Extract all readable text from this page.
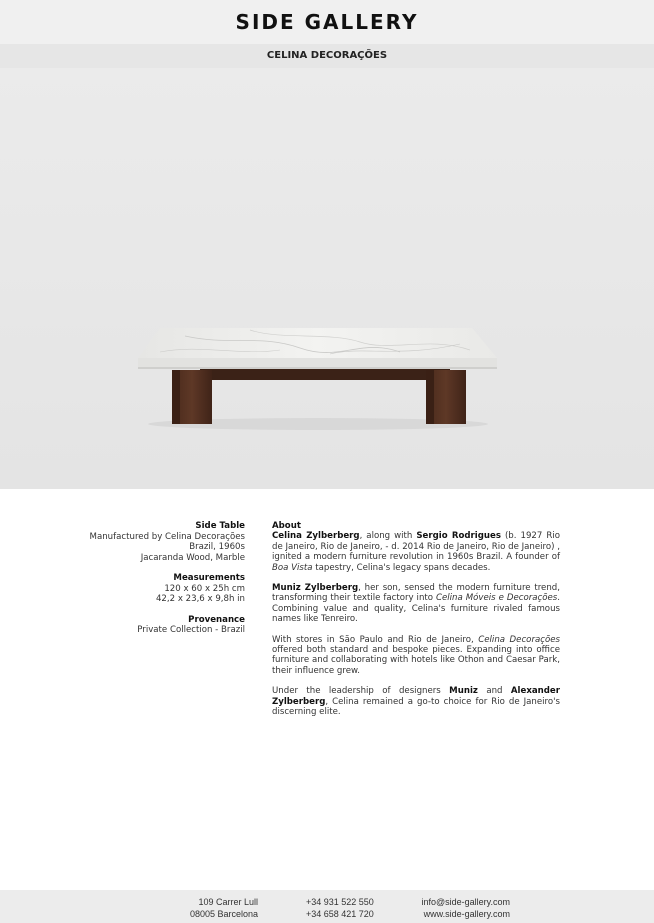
SIDE GALLERY
CELINA DECORAÇÕES
Side Table
Manufactured by Celina Decorações
Brazil, 1960s
Jacaranda Wood, Marble
Measurements
120 x 60 x 25h cm
42,2 x 23,6 x 9,8h in
Provenance
Private Collection - Brazil
About

Celina Zylberberg, along with Sergio Rodrigues (b. 1927 Rio de Janeiro, Rio de Janeiro, - d. 2014 Rio de Janeiro, Rio de Janeiro) , ignited a modern furniture revolution in 1960s Brazil. A founder of Boa Vista tapestry, Celina's legacy spans decades.

Muniz Zylberberg, her son, sensed the modern furniture trend, transforming their textile factory into Celina Móveis e Decorações. Combining value and quality, Celina's furniture rivaled famous names like Tenreiro.

With stores in São Paulo and Rio de Janeiro, Celina Decorações offered both standard and bespoke pieces. Expanding into office furniture and collaborating with hotels like Othon and Caesar Park, their influence grew.

Under the leadership of designers Muniz and Alexander Zylberberg, Celina remained a go-to choice for Rio de Janeiro's discerning elite.

109 Carrer Lull
08005 Barcelona
+34 931 522 550
+34 658 421 720
info@side-gallery.com
www.side-gallery.com
